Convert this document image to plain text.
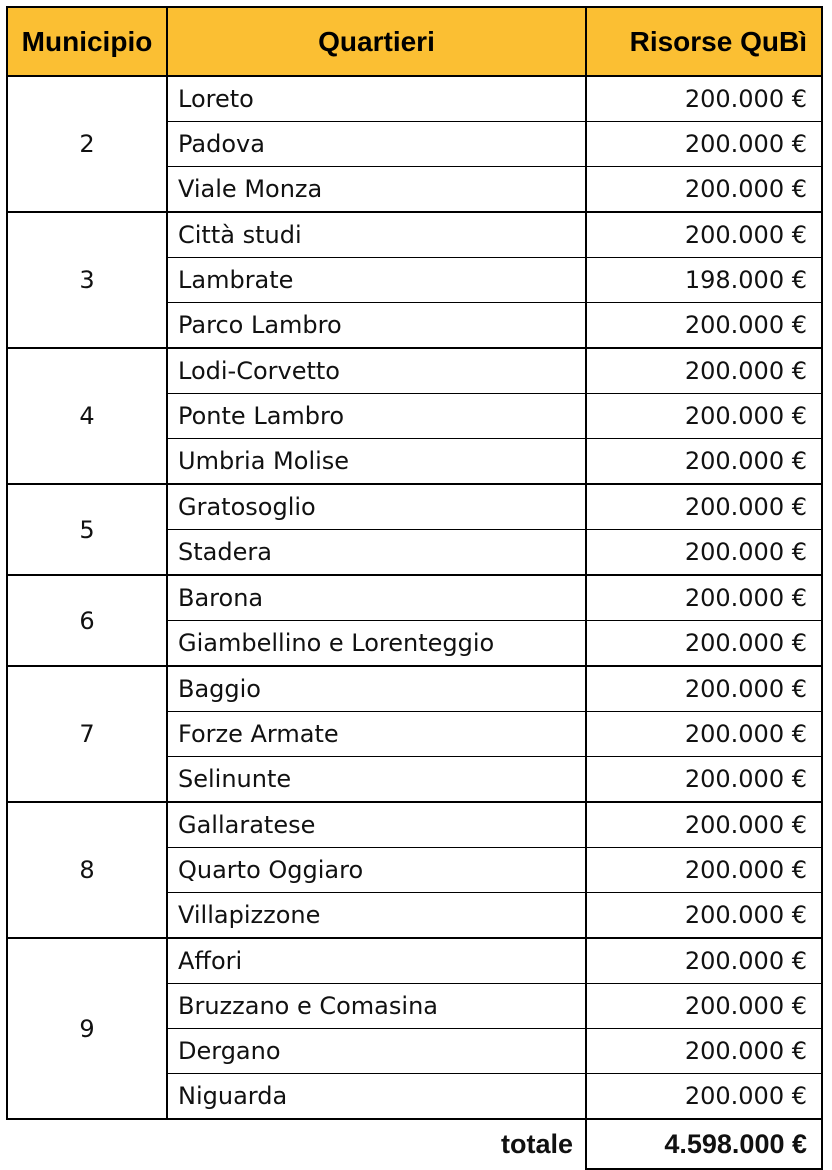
Municipio	Quartieri	Risorse QuBì
2	Loreto	200.000 €
	Padova	200.000 €
	Viale Monza	200.000 €
3	Città studi	200.000 €
	Lambrate	198.000 €
	Parco Lambro	200.000 €
4	Lodi-Corvetto	200.000 €
	Ponte Lambro	200.000 €
	Umbria Molise	200.000 €
5	Gratosoglio	200.000 €
	Stadera	200.000 €
6	Barona	200.000 €
	Giambellino e Lorenteggio	200.000 €
7	Baggio	200.000 €
	Forze Armate	200.000 €
	Selinunte	200.000 €
8	Gallaratese	200.000 €
	Quarto Oggiaro	200.000 €
	Villapizzone	200.000 €
9	Affori	200.000 €
	Bruzzano e Comasina	200.000 €
	Dergano	200.000 €
	Niguarda	200.000 €
	totale	4.598.000 €
